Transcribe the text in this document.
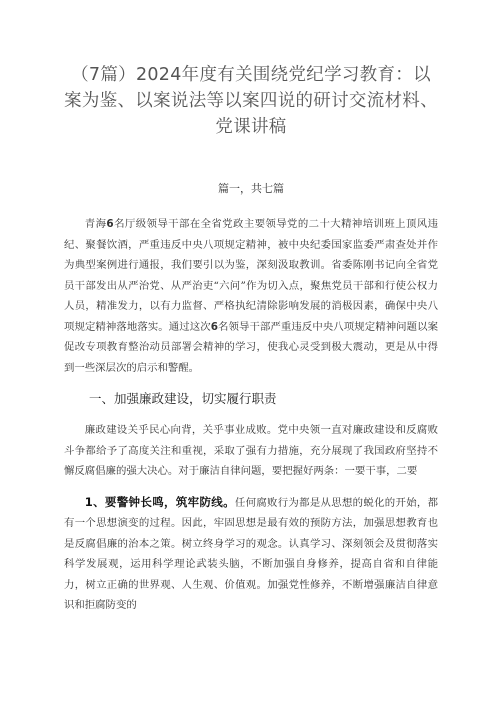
（7篇）2024年度有关围绕党纪学习教育：以案为鉴、以案说法等以案四说的研讨交流材料、党课讲稿
篇一，共七篇

青海6名厅级领导干部在全省党政主要领导党的二十大精神培训班上顶风违纪、聚餐饮酒，严重违反中央八项规定精神，被中央纪委国家监委严肃查处并作为典型案例进行通报，我们要引以为鉴，深刻汲取教训。省委陈刚书记向全省党员干部发出从严治党、从严治吏“六问”作为切入点，聚焦党员干部和行使公权力人员，精准发力，以有力监督、严格执纪清除影响发展的消极因素，确保中央八项规定精神落地落实。通过这次6名领导干部严重违反中央八项规定精神问题以案促改专项教育整治动员部署会精神的学习，使我心灵受到极大震动，更是从中得到一些深层次的启示和警醒。

一、加强廉政建设，切实履行职责

廉政建设关乎民心向背，关乎事业成败。党中央领一直对廉政建设和反腐败斗争都给予了高度关注和重视，采取了强有力措施，充分展现了我国政府坚持不懈反腐倡廉的强大决心。对于廉洁自律问题，要把握好两条：一要干事，二要

1、要警钟长鸣，筑牢防线。任何腐败行为都是从思想的蜕化的开始，都有一个思想演变的过程。因此，牢固思想是最有效的预防方法，加强思想教育也是反腐倡廉的治本之策。树立终身学习的观念。认真学习、深刻领会及贯彻落实科学发展观，运用科学理论武装头脑，不断加强自身修养，提高自省和自律能力，树立正确的世界观、人生观、价值观。加强党性修养，不断增强廉洁自律意识和拒腐防变的
